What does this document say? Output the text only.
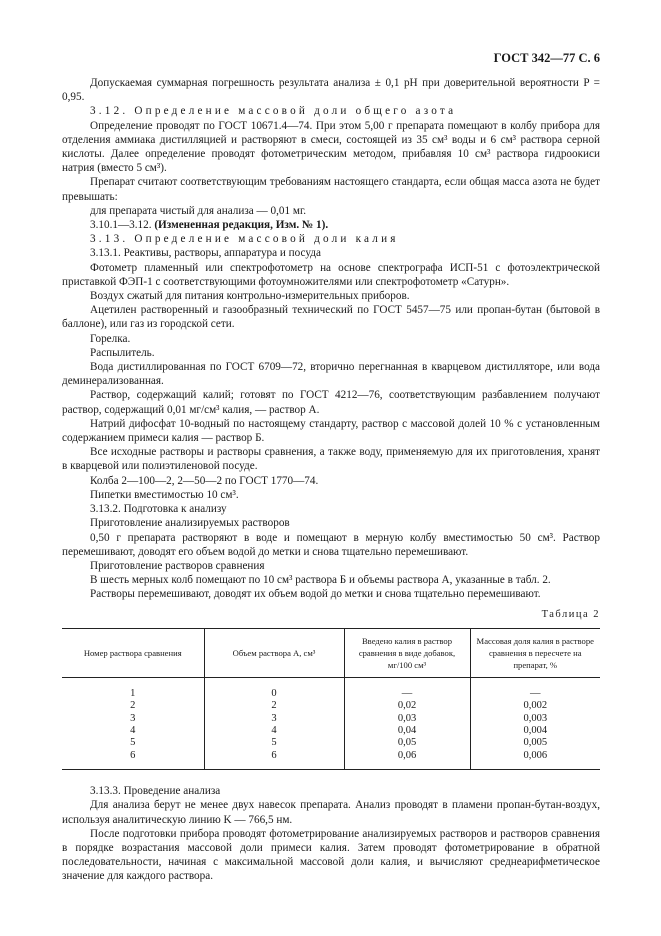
ГОСТ 342—77 С. 6

Допускаемая суммарная погрешность результата анализа ± 0,1 pH при доверительной вероятности P = 0,95.

3.12. Определение массовой доли общего азота

Определение проводят по ГОСТ 10671.4—74. При этом 5,00 г препарата помещают в колбу прибора для отделения аммиака дистилляцией и растворяют в смеси, состоящей из 35 см³ воды и 6 см³ раствора серной кислоты. Далее определение проводят фотометрическим методом, прибавляя 10 см³ раствора гидроокиси натрия (вместо 5 см³).

Препарат считают соответствующим требованиям настоящего стандарта, если общая масса азота не будет превышать:

для препарата чистый для анализа — 0,01 мг.

3.10.1—3.12. (Измененная редакция, Изм. № 1).

3.13. Определение массовой доли калия

3.13.1. Реактивы, растворы, аппаратура и посуда

Фотометр пламенный или спектрофотометр на основе спектрографа ИСП-51 с фотоэлектрической приставкой ФЭП-1 с соответствующими фотоумножителями или спектрофотометр «Сатурн».

Воздух сжатый для питания контрольно-измерительных приборов.

Ацетилен растворенный и газообразный технический по ГОСТ 5457—75 или пропан-бутан (бытовой в баллоне), или газ из городской сети.

Горелка.

Распылитель.

Вода дистиллированная по ГОСТ 6709—72, вторично перегнанная в кварцевом дистилляторе, или вода деминерализованная.

Раствор, содержащий калий; готовят по ГОСТ 4212—76, соответствующим разбавлением получают раствор, содержащий 0,01 мг/см³ калия, — раствор А.

Натрий дифосфат 10-водный по настоящему стандарту, раствор с массовой долей 10 % с установленным содержанием примеси калия — раствор Б.

Все исходные растворы и растворы сравнения, а также воду, применяемую для их приготовления, хранят в кварцевой или полиэтиленовой посуде.

Колба 2—100—2, 2—50—2 по ГОСТ 1770—74.

Пипетки вместимостью 10 см³.

3.13.2. Подготовка к анализу

Приготовление анализируемых растворов

0,50 г препарата растворяют в воде и помещают в мерную колбу вместимостью 50 см³. Раствор перемешивают, доводят его объем водой до метки и снова тщательно перемешивают.

Приготовление растворов сравнения

В шесть мерных колб помещают по 10 см³ раствора Б и объемы раствора А, указанные в табл. 2.

Растворы перемешивают, доводят их объем водой до метки и снова тщательно перемешивают.

Таблица 2
Номер раствора сравнения	Объем раствора А, см³	Введено калия в раствор сравнения в виде добавок, мг/100 см³	Массовая доля калия в растворе сравнения в пересчете на препарат, %
1	0	—	—
2	2	0,02	0,002
3	3	0,03	0,003
4	4	0,04	0,004
5	5	0,05	0,005
6	6	0,06	0,006

3.13.3. Проведение анализа

Для анализа берут не менее двух навесок препарата. Анализ проводят в пламени пропан-бутан-воздух, используя аналитическую линию K — 766,5 нм.

После подготовки прибора проводят фотометрирование анализируемых растворов и растворов сравнения в порядке возрастания массовой доли примеси калия. Затем проводят фотометрирование в обратной последовательности, начиная с максимальной массовой доли калия, и вычисляют среднеарифметическое значение для каждого раствора.
